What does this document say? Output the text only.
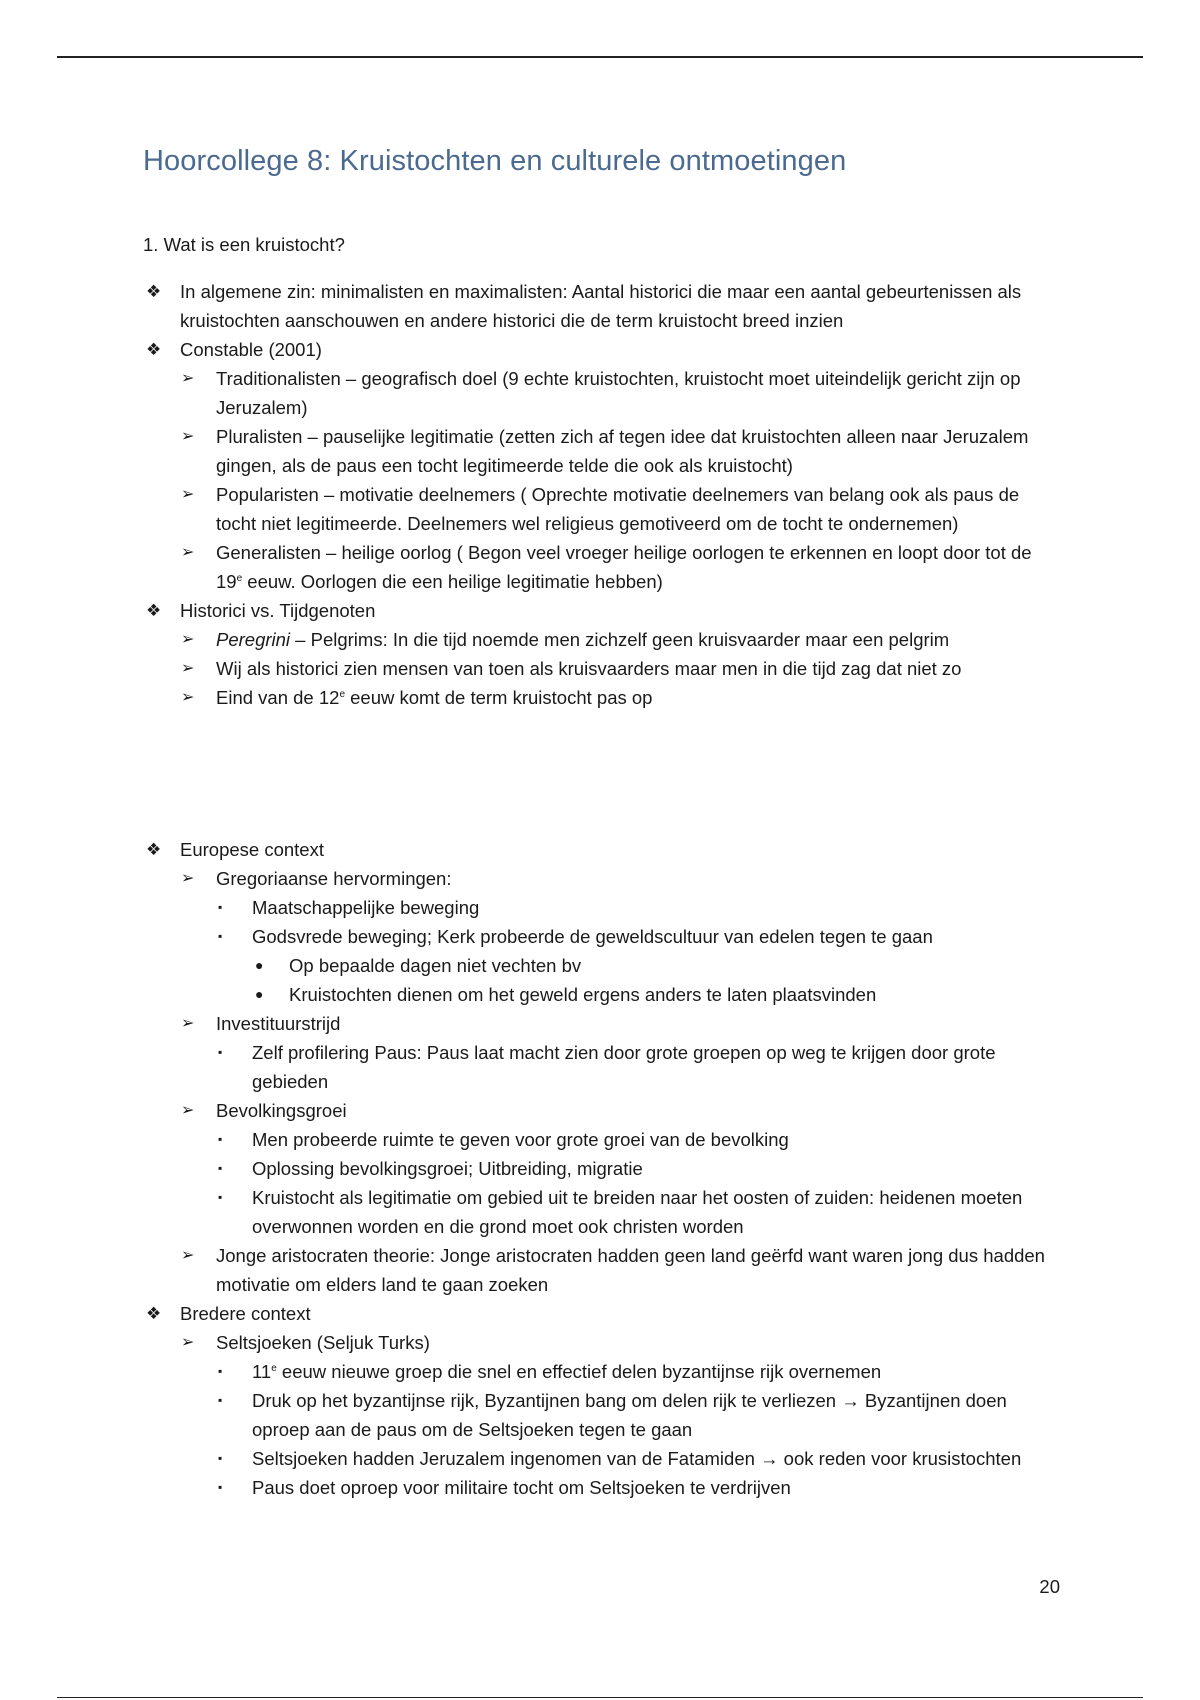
Hoorcollege 8: Kruistochten en culturele ontmoetingen
1. Wat is een kruistocht?
❖ In algemene zin: minimalisten en maximalisten: Aantal historici die maar een aantal gebeurtenissen als kruistochten aanschouwen en andere historici die de term kruistocht breed inzien
❖ Constable (2001)
➢ Traditionalisten – geografisch doel (9 echte kruistochten, kruistocht moet uiteindelijk gericht zijn op Jeruzalem)
➢ Pluralisten – pauselijke legitimatie (zetten zich af tegen idee dat kruistochten alleen naar Jeruzalem gingen, als de paus een tocht legitimeerde telde die ook als kruistocht)
➢ Popularisten – motivatie deelnemers ( Oprechte motivatie deelnemers van belang ook als paus de tocht niet legitimeerde. Deelnemers wel religieus gemotiveerd om de tocht te ondernemen)
➢ Generalisten – heilige oorlog ( Begon veel vroeger heilige oorlogen te erkennen en loopt door tot de 19e eeuw. Oorlogen die een heilige legitimatie hebben)
❖ Historici vs. Tijdgenoten
➢ Peregrini – Pelgrims: In die tijd noemde men zichzelf geen kruisvaarder maar een pelgrim
➢ Wij als historici zien mensen van toen als kruisvaarders maar men in die tijd zag dat niet zo
➢ Eind van de 12e eeuw komt de term kruistocht pas op
❖ Europese context
➢ Gregoriaanse hervormingen:
▪ Maatschappelijke beweging
▪ Godsvrede beweging; Kerk probeerde de geweldscultuur van edelen tegen te gaan
● Op bepaalde dagen niet vechten bv
● Kruistochten dienen om het geweld ergens anders te laten plaatsvinden
➢ Investituurstrijd
▪ Zelf profilering Paus: Paus laat macht zien door grote groepen op weg te krijgen door grote gebieden
➢ Bevolkingsgroei
▪ Men probeerde ruimte te geven voor grote groei van de bevolking
▪ Oplossing bevolkingsgroei; Uitbreiding, migratie
▪ Kruistocht als legitimatie om gebied uit te breiden naar het oosten of zuiden: heidenen moeten overwonnen worden en die grond moet ook christen worden
➢ Jonge aristocraten theorie: Jonge aristocraten hadden geen land geërfd want waren jong dus hadden motivatie om elders land te gaan zoeken
❖ Bredere context
➢ Seltsjoeken (Seljuk Turks)
▪ 11e eeuw nieuwe groep die snel en effectief delen byzantijnse rijk overnemen
▪ Druk op het byzantijnse rijk, Byzantijnen bang om delen rijk te verliezen → Byzantijnen doen oproep aan de paus om de Seltsjoeken tegen te gaan
▪ Seltsjoeken hadden Jeruzalem ingenomen van de Fatamiden → ook reden voor krusistochten
▪ Paus doet oproep voor militaire tocht om Seltsjoeken te verdrijven
20
